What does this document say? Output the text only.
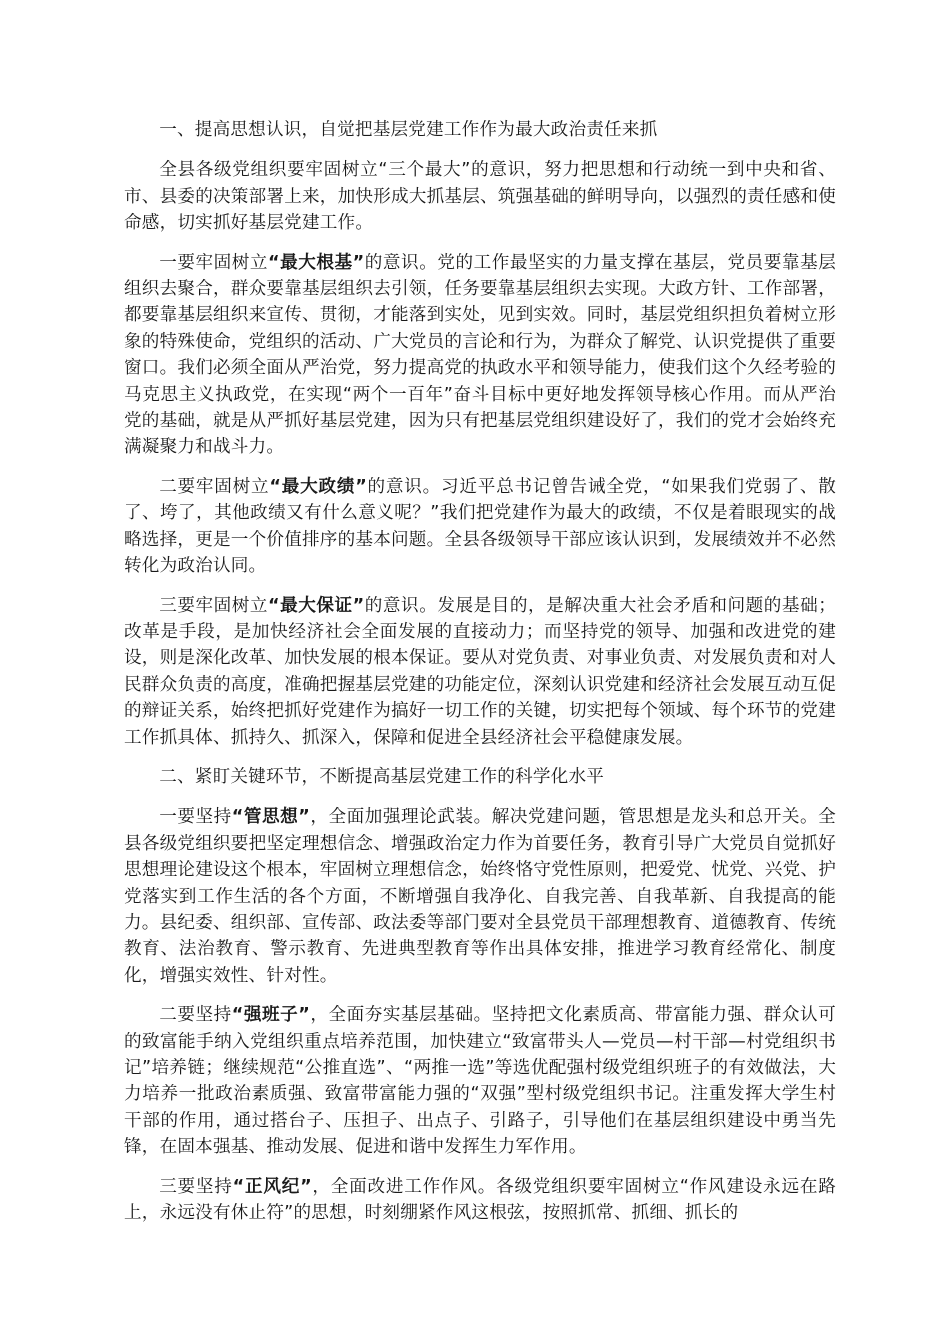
一、提高思想认识，自觉把基层党建工作作为最大政治责任来抓

全县各级党组织要牢固树立“三个最大”的意识，努力把思想和行动统一到中央和省、市、县委的决策部署上来，加快形成大抓基层、筑强基础的鲜明导向，以强烈的责任感和使命感，切实抓好基层党建工作。

一要牢固树立“最大根基”的意识。党的工作最坚实的力量支撑在基层，党员要靠基层组织去聚合，群众要靠基层组织去引领，任务要靠基层组织去实现。大政方针、工作部署，都要靠基层组织来宣传、贯彻，才能落到实处，见到实效。同时，基层党组织担负着树立形象的特殊使命，党组织的活动、广大党员的言论和行为，为群众了解党、认识党提供了重要窗口。我们必须全面从严治党，努力提高党的执政水平和领导能力，使我们这个久经考验的马克思主义执政党，在实现“两个一百年”奋斗目标中更好地发挥领导核心作用。而从严治党的基础，就是从严抓好基层党建，因为只有把基层党组织建设好了，我们的党才会始终充满凝聚力和战斗力。

二要牢固树立“最大政绩”的意识。习近平总书记曾告诫全党，“如果我们党弱了、散了、垮了，其他政绩又有什么意义呢？”我们把党建作为最大的政绩，不仅是着眼现实的战略选择，更是一个价值排序的基本问题。全县各级领导干部应该认识到，发展绩效并不必然转化为政治认同。

三要牢固树立“最大保证”的意识。发展是目的，是解决重大社会矛盾和问题的基础；改革是手段，是加快经济社会全面发展的直接动力；而坚持党的领导、加强和改进党的建设，则是深化改革、加快发展的根本保证。要从对党负责、对事业负责、对发展负责和对人民群众负责的高度，准确把握基层党建的功能定位，深刻认识党建和经济社会发展互动互促的辩证关系，始终把抓好党建作为搞好一切工作的关键，切实把每个领域、每个环节的党建工作抓具体、抓持久、抓深入，保障和促进全县经济社会平稳健康发展。

二、紧盯关键环节，不断提高基层党建工作的科学化水平

一要坚持“管思想”，全面加强理论武装。解决党建问题，管思想是龙头和总开关。全县各级党组织要把坚定理想信念、增强政治定力作为首要任务，教育引导广大党员自觉抓好思想理论建设这个根本，牢固树立理想信念，始终恪守党性原则，把爱党、忧党、兴党、护党落实到工作生活的各个方面，不断增强自我净化、自我完善、自我革新、自我提高的能力。县纪委、组织部、宣传部、政法委等部门要对全县党员干部理想教育、道德教育、传统教育、法治教育、警示教育、先进典型教育等作出具体安排，推进学习教育经常化、制度化，增强实效性、针对性。

二要坚持“强班子”，全面夯实基层基础。坚持把文化素质高、带富能力强、群众认可的致富能手纳入党组织重点培养范围，加快建立“致富带头人—党员—村干部—村党组织书记”培养链；继续规范“公推直选”、“两推一选”等选优配强村级党组织班子的有效做法，大力培养一批政治素质强、致富带富能力强的“双强”型村级党组织书记。注重发挥大学生村干部的作用，通过搭台子、压担子、出点子、引路子，引导他们在基层组织建设中勇当先锋，在固本强基、推动发展、促进和谐中发挥生力军作用。

三要坚持“正风纪”，全面改进工作作风。各级党组织要牢固树立“作风建设永远在路上，永远没有休止符”的思想，时刻绷紧作风这根弦，按照抓常、抓细、抓长的
